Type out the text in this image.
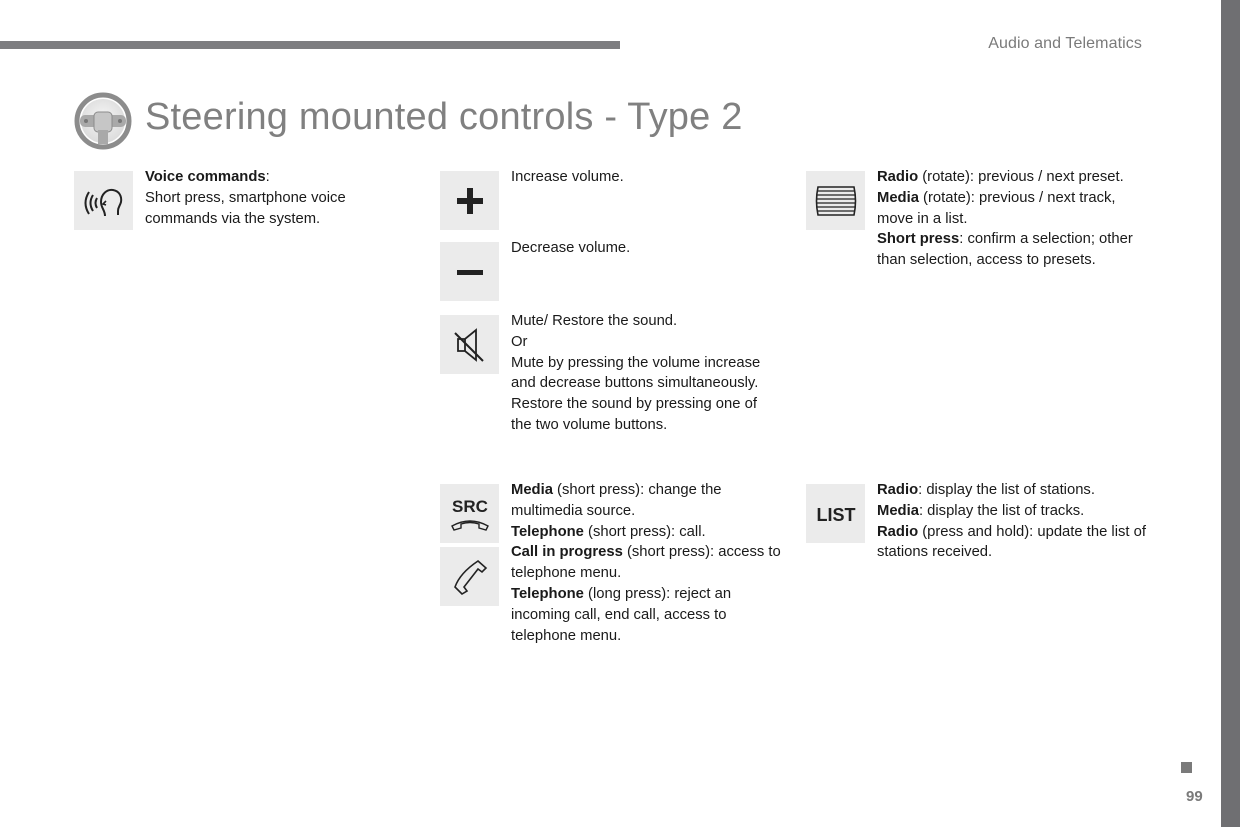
Audio and Telematics
Steering mounted controls - Type 2

Voice commands:

Short press, smartphone voice commands via the system.

Increase volume.
Decrease volume.

Mute/ Restore the sound.

Or

Mute by pressing the volume increase and decrease buttons simultaneously.

Restore the sound by pressing one of the two volume buttons.

SRC

Media (short press): change the multimedia source.

Telephone (short press): call.

Call in progress (short press): access to telephone menu.

Telephone (long press): reject an incoming call, end call, access to telephone menu.

Radio (rotate): previous / next preset.

Media (rotate): previous / next track, move in a list.

Short press: confirm a selection; other than selection, access to presets.

LIST

Radio: display the list of stations.

Media: display the list of tracks.

Radio (press and hold): update the list of stations received.

99
